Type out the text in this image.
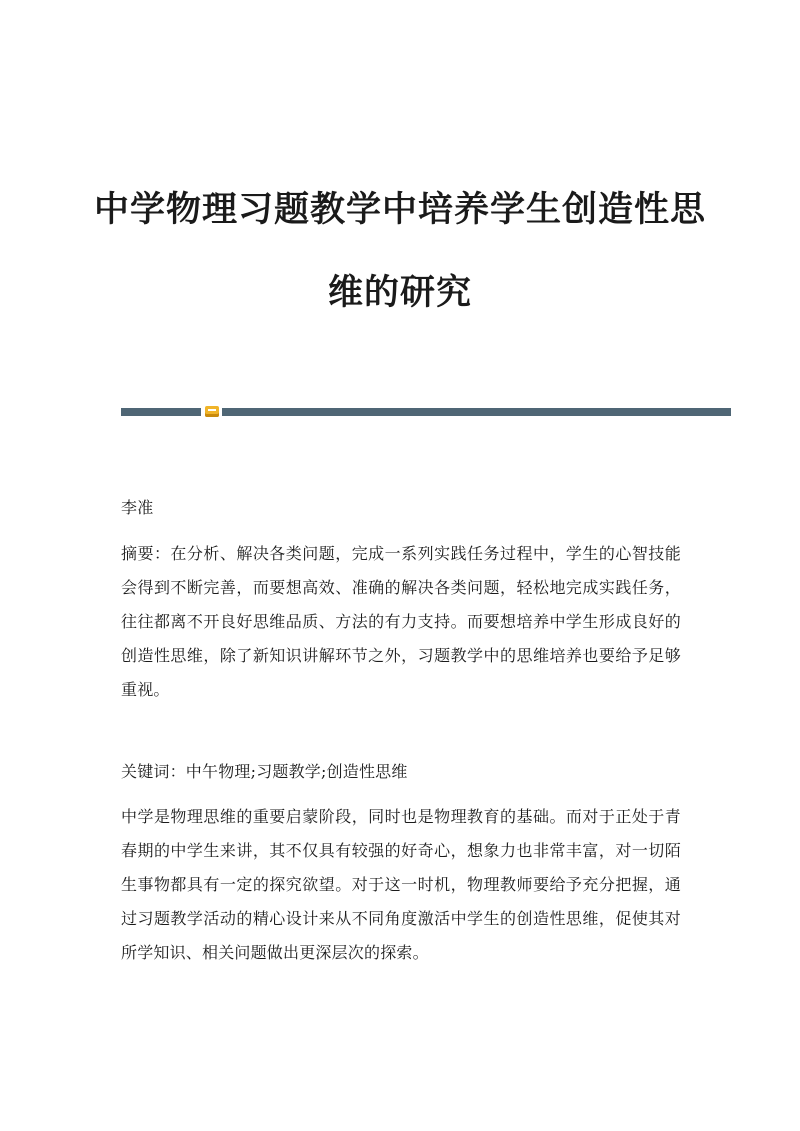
中学物理习题教学中培养学生创造性思
维的研究

李准

摘要：在分析、解决各类问题，完成一系列实践任务过程中，学生的心智技能会得到不断完善，而要想高效、准确的解决各类问题，轻松地完成实践任务，往往都离不开良好思维品质、方法的有力支持。而要想培养中学生形成良好的创造性思维，除了新知识讲解环节之外，习题教学中的思维培养也要给予足够重视。

关键词：中午物理;习题教学;创造性思维

中学是物理思维的重要启蒙阶段，同时也是物理教育的基础。而对于正处于青春期的中学生来讲，其不仅具有较强的好奇心，想象力也非常丰富，对一切陌生事物都具有一定的探究欲望。对于这一时机，物理教师要给予充分把握，通过习题教学活动的精心设计来从不同角度激活中学生的创造性思维，促使其对所学知识、相关问题做出更深层次的探索。
